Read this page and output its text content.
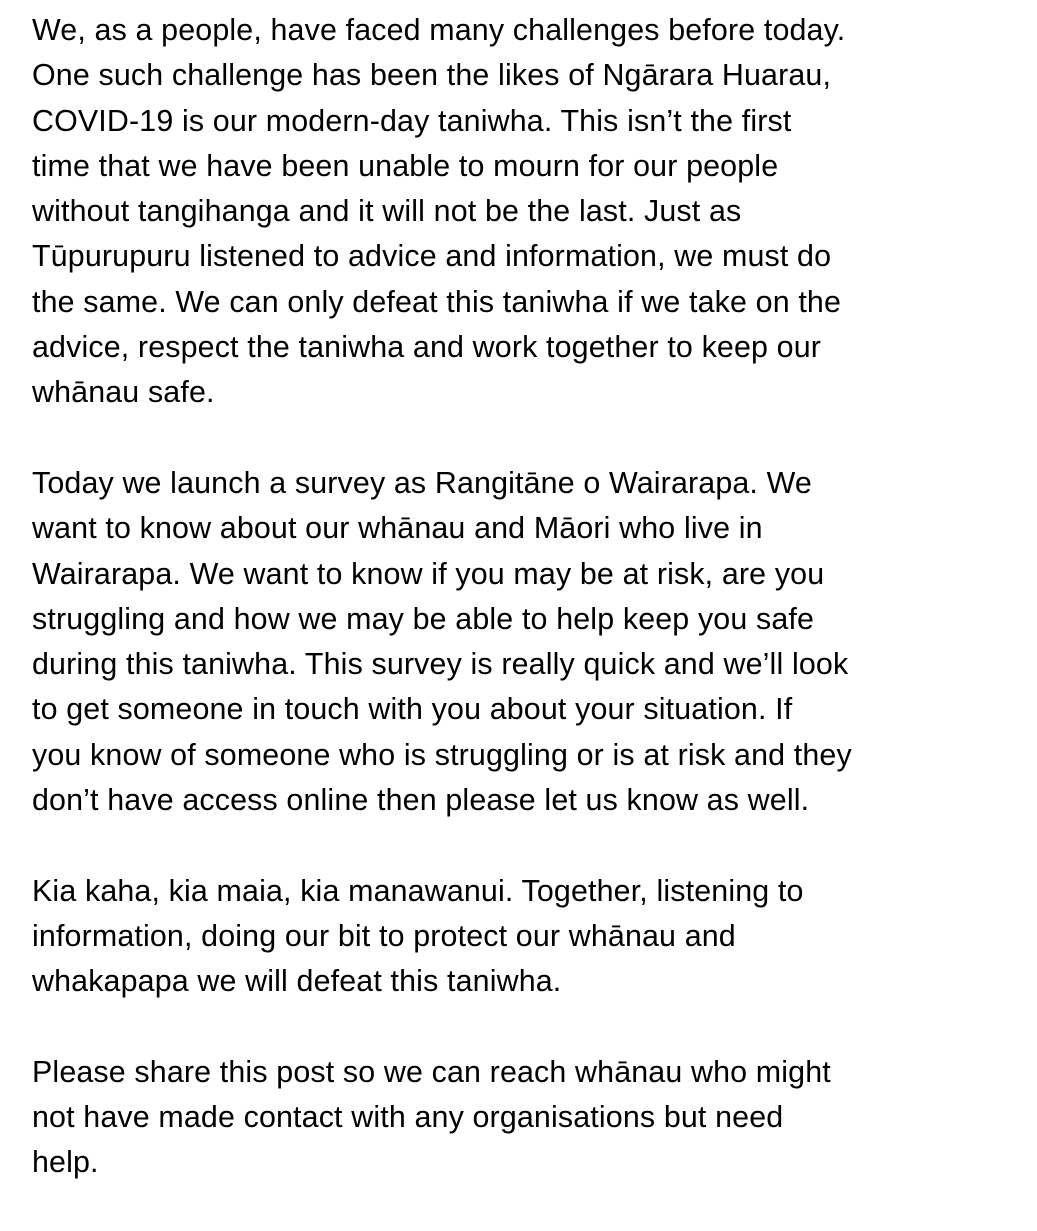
We, as a people, have faced many challenges before today.
One such challenge has been the likes of Ngārara Huarau,
COVID-19 is our modern-day taniwha. This isn’t the first
time that we have been unable to mourn for our people
without tangihanga and it will not be the last. Just as
Tūpurupuru listened to advice and information, we must do
the same. We can only defeat this taniwha if we take on the
advice, respect the taniwha and work together to keep our
whānau safe.
Today we launch a survey as Rangitāne o Wairarapa. We
want to know about our whānau and Māori who live in
Wairarapa. We want to know if you may be at risk, are you
struggling and how we may be able to help keep you safe
during this taniwha. This survey is really quick and we’ll look
to get someone in touch with you about your situation. If
you know of someone who is struggling or is at risk and they
don’t have access online then please let us know as well.
Kia kaha, kia maia, kia manawanui. Together, listening to
information, doing our bit to protect our whānau and
whakapapa we will defeat this taniwha.
Please share this post so we can reach whānau who might
not have made contact with any organisations but need
help.
